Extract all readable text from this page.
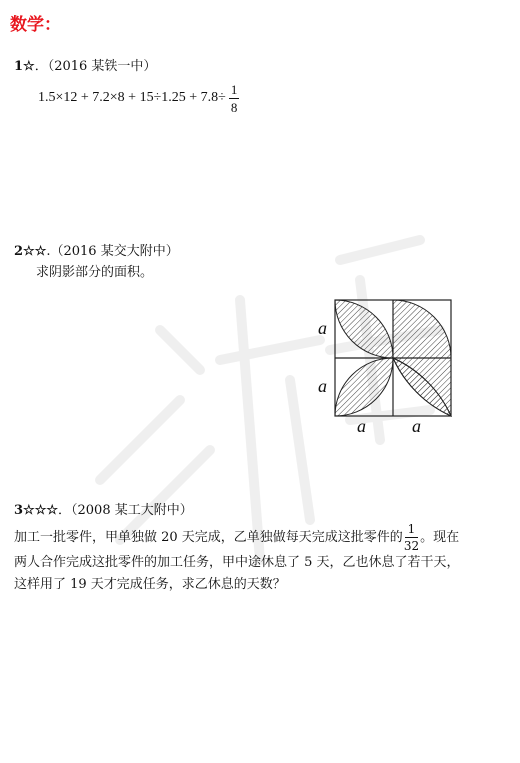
数学：
1☆．（2016 某铁一中）
$1.5\times 12 + 7.2\times 8 + 15\div 1.25 + 7.8\div \frac{1}{8}$
2☆☆.（2016 某交大附中）
求阴影部分的面积。
a
a
a	a
3☆☆☆．（2008 某工大附中）
加工一批零件，甲单独做 20 天完成，乙单独做每天完成这批零件的 $\frac{1}{32}$ 。现在
两人合作完成这批零件的加工任务，甲中途休息了 5 天，乙也休息了若干天，
这样用了 19 天才完成任务，求乙休息的天数？
